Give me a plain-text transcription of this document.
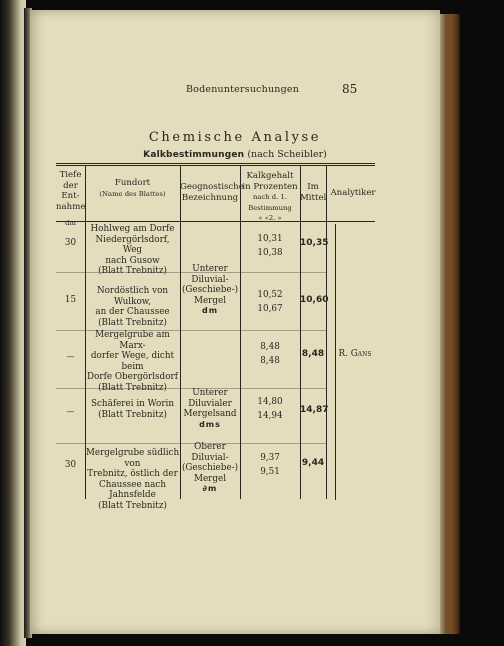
Bodenuntersuchungen	85
Chemische Analyse
Kalkbestimmungen (nach Scheibler)
Tiefe
der
Ent-
nahme
dm
Fundort
(Name des Blattes)
Geognostische
Bezeichnung
Kalkgehalt
in Prozenten
nach d. 1. Bestimmung
« «2. »
Im
Mittel Analytiker
30
Hohlweg am Dorfe
Niedergörlsdorf, Weg
nach Gusow
(Blatt Trebnitz)
10,31
10,38
10,35
15
Nordöstlich von Wulkow,
an der Chaussee
(Blatt Trebnitz)
10,52
10,67
10,60
Unterer
Diluvial-
(Geschiebe-)
Mergel
dm
—
Mergelgrube am Marx-
dorfer Wege, dicht beim
Dorfe Obergörlsdorf
(Blatt Trebnitz)
8,48
8,48
8,48	R. Gans
—
Schäferei in Worin
(Blatt Trebnitz)
Unterer
Diluvialer
Mergelsand
dms
14,80
14,94
14,87
30
Mergelgrube südlich von
Trebnitz, östlich der
Chaussee nach Jahnsfelde
(Blatt Trebnitz)
Oberer
Diluvial-
(Geschiebe-)
Mergel
∂m
9,37
9,51
9,44
